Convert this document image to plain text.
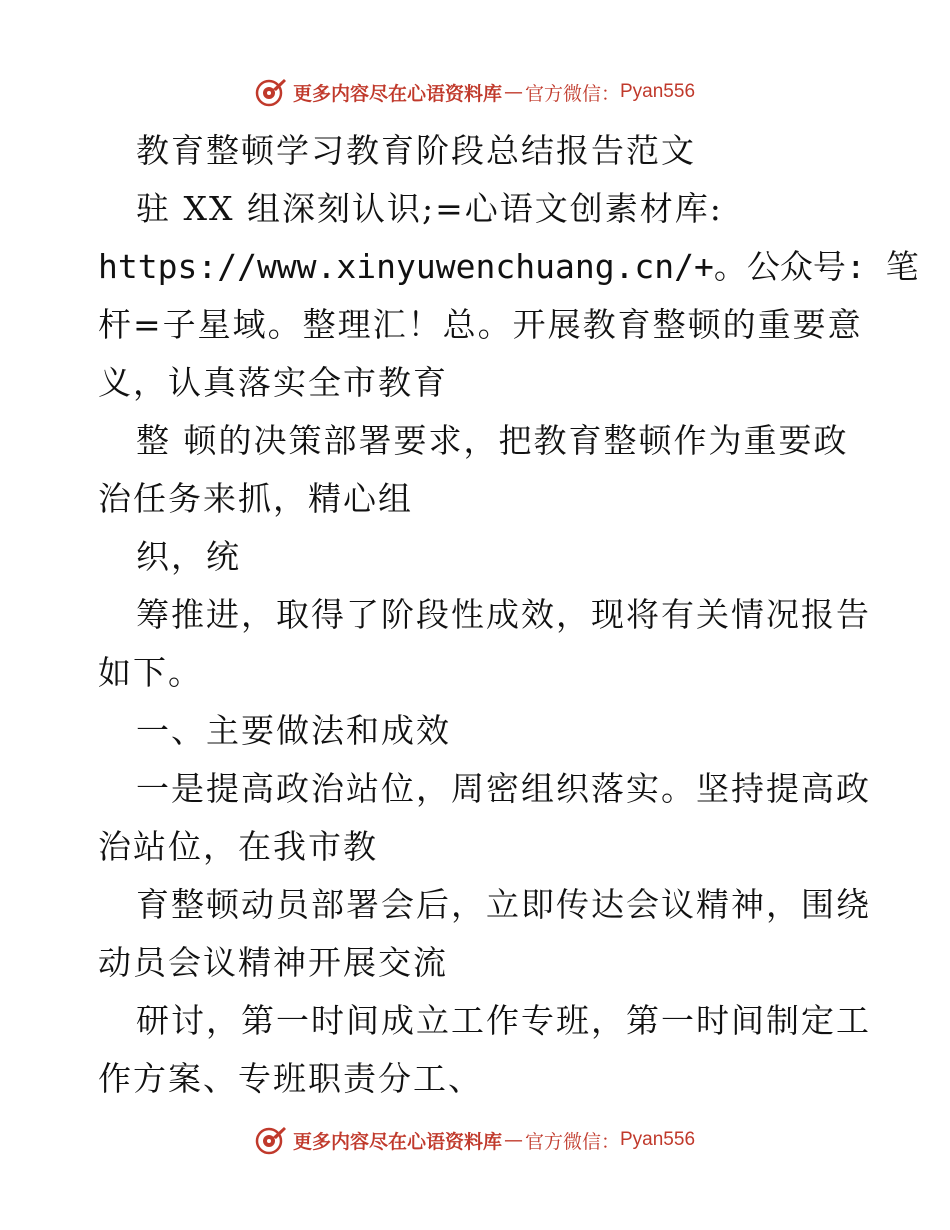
更多内容尽在心语资料库 — 官方微信： Pyan556
教育整顿学习教育阶段总结报告范文
驻 XX 组深刻认识;=心语文创素材库:
https://www.xinyuwenchuang.cn/+。公众号: 笔
杆=子星域。整理汇！总。开展教育整顿的重要意
义，认真落实全市教育
整 顿的决策部署要求，把教育整顿作为重要政
治任务来抓，精心组
织，统
筹推进，取得了阶段性成效，现将有关情况报告
如下。
一、主要做法和成效
一是提高政治站位，周密组织落实。坚持提高政
治站位，在我市教
育整顿动员部署会后，立即传达会议精神，围绕
动员会议精神开展交流
研讨，第一时间成立工作专班，第一时间制定工
作方案、专班职责分工、
更多内容尽在心语资料库 — 官方微信： Pyan556
